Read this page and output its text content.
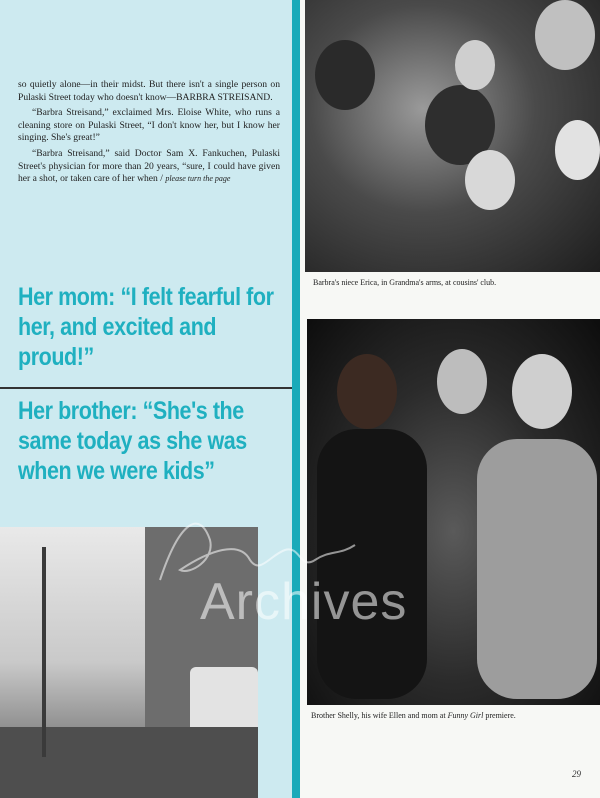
so quietly alone—in their midst. But there isn't a single person on Pulaski Street today who doesn't know—BARBRA STREISAND.

“Barbra Streisand,” exclaimed Mrs. Eloise White, who runs a cleaning store on Pulaski Street, “I don't know her, but I know her singing. She's great!”

“Barbra Streisand,” said Doctor Sam X. Fankuchen, Pulaski Street's physician for more than 20 years, “sure, I could have given her a shot, or taken care of her when / please turn the page

Her mom: “I felt fearful for her, and excited and proud!”

Her brother: “She's the same today as she was when we were kids”

Barbra's niece Erica, in Grandma's arms, at cousins' club.

Brother Shelly, his wife Ellen and mom at Funny Girl premiere.

Archives

29
